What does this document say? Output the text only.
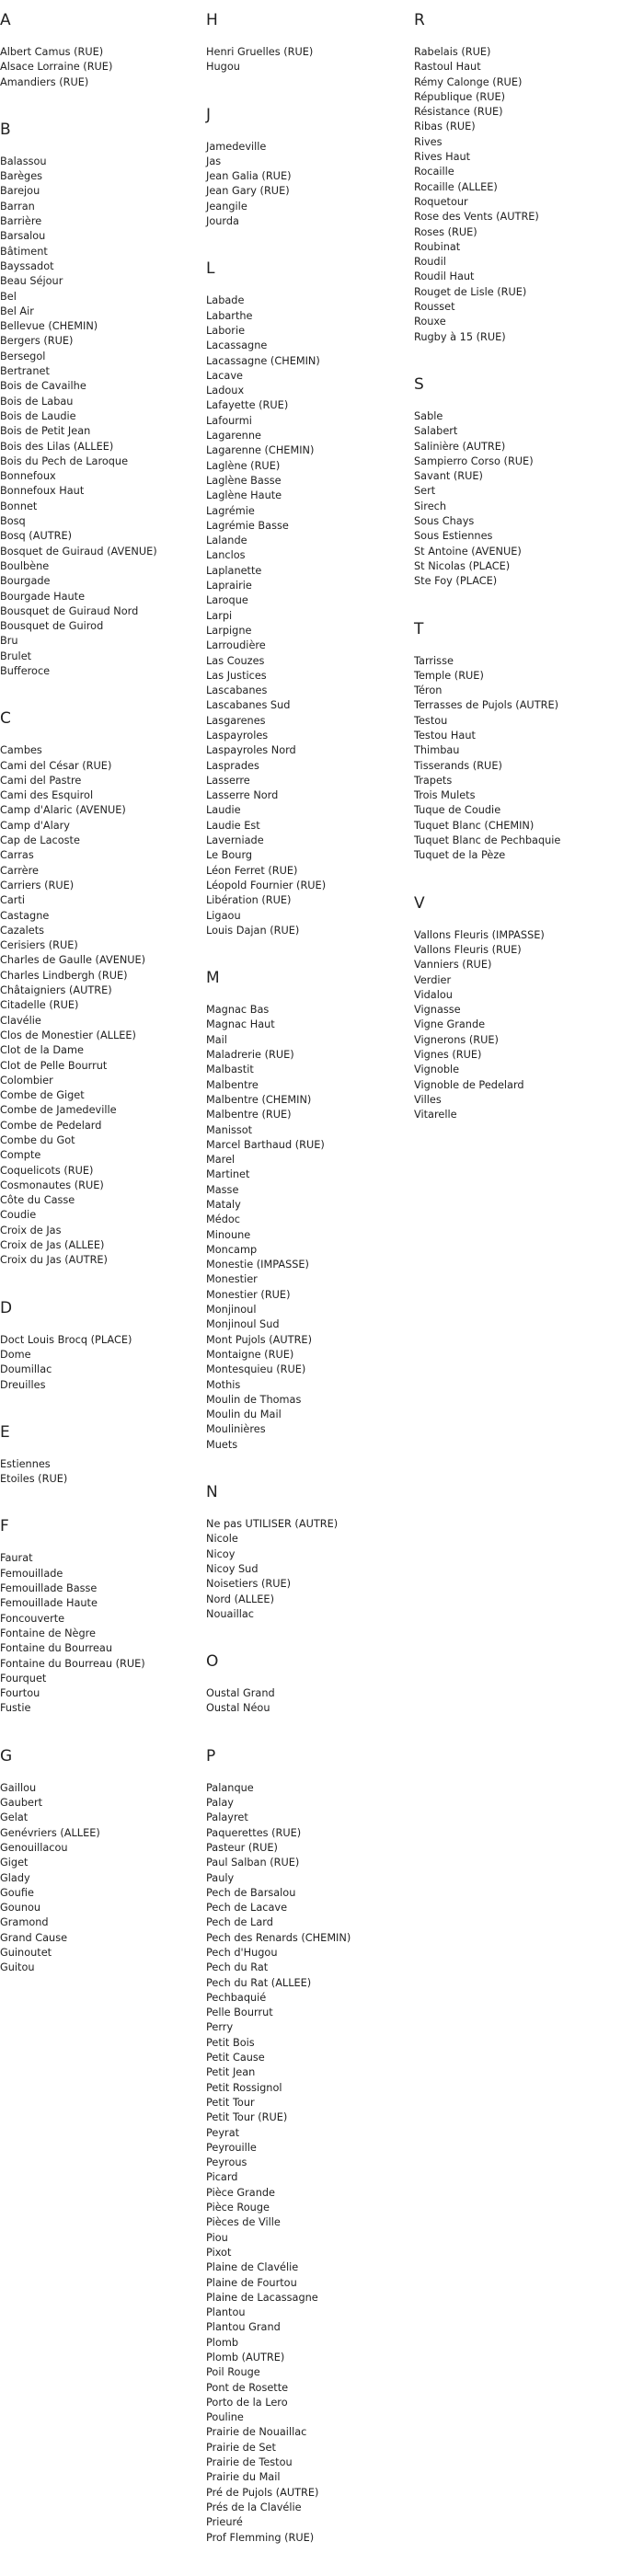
A
Albert Camus (RUE)
Alsace Lorraine (RUE)
Amandiers (RUE)
B
Balassou
Barèges
Barejou
Barran
Barrière
Barsalou
Bâtiment
Bayssadot
Beau Séjour
Bel
Bel Air
Bellevue (CHEMIN)
Bergers (RUE)
Bersegol
Bertranet
Bois de Cavailhe
Bois de Labau
Bois de Laudie
Bois de Petit Jean
Bois des Lilas (ALLEE)
Bois du Pech de Laroque
Bonnefoux
Bonnefoux Haut
Bonnet
Bosq
Bosq (AUTRE)
Bosquet de Guiraud (AVENUE)
Boulbène
Bourgade
Bourgade Haute
Bousquet de Guiraud Nord
Bousquet de Guirod
Bru
Brulet
Bufferoce
C
Cambes
Cami del César (RUE)
Cami del Pastre
Cami des Esquirol
Camp d'Alaric (AVENUE)
Camp d'Alary
Cap de Lacoste
Carras
Carrère
Carriers (RUE)
Carti
Castagne
Cazalets
Cerisiers (RUE)
Charles de Gaulle (AVENUE)
Charles Lindbergh (RUE)
Châtaigniers (AUTRE)
Citadelle (RUE)
Clavélie
Clos de Monestier (ALLEE)
Clot de la Dame
Clot de Pelle Bourrut
Colombier
Combe de Giget
Combe de Jamedeville
Combe de Pedelard
Combe du Got
Compte
Coquelicots (RUE)
Cosmonautes (RUE)
Côte du Casse
Coudie
Croix de Jas
Croix de Jas (ALLEE)
Croix du Jas (AUTRE)
D
Doct Louis Brocq (PLACE)
Dome
Doumillac
Dreuilles
E
Estiennes
Etoiles (RUE)
F
Faurat
Femouillade
Femouillade Basse
Femouillade Haute
Foncouverte
Fontaine de Nègre
Fontaine du Bourreau
Fontaine du Bourreau (RUE)
Fourquet
Fourtou
Fustie
G
Gaillou
Gaubert
Gelat
Genévriers (ALLEE)
Genouillacou
Giget
Glady
Goufie
Gounou
Gramond
Grand Cause
Guinoutet
Guitou
H
Henri Gruelles (RUE)
Hugou
J
Jamedeville
Jas
Jean Galia (RUE)
Jean Gary (RUE)
Jeangile
Jourda
L
Labade
Labarthe
Laborie
Lacassagne
Lacassagne (CHEMIN)
Lacave
Ladoux
Lafayette (RUE)
Lafourmi
Lagarenne
Lagarenne (CHEMIN)
Laglène (RUE)
Laglène Basse
Laglène Haute
Lagrémie
Lagrémie Basse
Lalande
Lanclos
Laplanette
Laprairie
Laroque
Larpi
Larpigne
Larroudière
Las Couzes
Las Justices
Lascabanes
Lascabanes Sud
Lasgarenes
Laspayroles
Laspayroles Nord
Lasprades
Lasserre
Lasserre Nord
Laudie
Laudie Est
Laverniade
Le Bourg
Léon Ferret (RUE)
Léopold Fournier (RUE)
Libération (RUE)
Ligaou
Louis Dajan (RUE)
M
Magnac Bas
Magnac Haut
Mail
Maladrerie (RUE)
Malbastit
Malbentre
Malbentre (CHEMIN)
Malbentre (RUE)
Manissot
Marcel Barthaud (RUE)
Marel
Martinet
Masse
Mataly
Médoc
Minoune
Moncamp
Monestie (IMPASSE)
Monestier
Monestier (RUE)
Monjinoul
Monjinoul Sud
Mont Pujols (AUTRE)
Montaigne (RUE)
Montesquieu (RUE)
Mothis
Moulin de Thomas
Moulin du Mail
Moulinières
Muets
N
Ne pas UTILISER (AUTRE)
Nicole
Nicoy
Nicoy Sud
Noisetiers (RUE)
Nord (ALLEE)
Nouaillac
O
Oustal Grand
Oustal Néou
P
Palanque
Palay
Palayret
Paquerettes (RUE)
Pasteur (RUE)
Paul Salban (RUE)
Pauly
Pech de Barsalou
Pech de Lacave
Pech de Lard
Pech des Renards (CHEMIN)
Pech d'Hugou
Pech du Rat
Pech du Rat (ALLEE)
Pechbaquié
Pelle Bourrut
Perry
Petit Bois
Petit Cause
Petit Jean
Petit Rossignol
Petit Tour
Petit Tour (RUE)
Peyrat
Peyrouille
Peyrous
Picard
Pièce Grande
Pièce Rouge
Pièces de Ville
Piou
Pixot
Plaine de Clavélie
Plaine de Fourtou
Plaine de Lacassagne
Plantou
Plantou Grand
Plomb
Plomb (AUTRE)
Poil Rouge
Pont de Rosette
Porto de la Lero
Pouline
Prairie de Nouaillac
Prairie de Set
Prairie de Testou
Prairie du Mail
Pré de Pujols (AUTRE)
Prés de la Clavélie
Prieuré
Prof Flemming (RUE)
R
Rabelais (RUE)
Rastoul Haut
Rémy Calonge (RUE)
République (RUE)
Résistance (RUE)
Ribas (RUE)
Rives
Rives Haut
Rocaille
Rocaille (ALLEE)
Roquetour
Rose des Vents (AUTRE)
Roses (RUE)
Roubinat
Roudil
Roudil Haut
Rouget de Lisle (RUE)
Rousset
Rouxe
Rugby à 15 (RUE)
S
Sable
Salabert
Salinière (AUTRE)
Sampierro Corso (RUE)
Savant (RUE)
Sert
Sirech
Sous Chays
Sous Estiennes
St Antoine (AVENUE)
St Nicolas (PLACE)
Ste Foy (PLACE)
T
Tarrisse
Temple (RUE)
Téron
Terrasses de Pujols (AUTRE)
Testou
Testou Haut
Thimbau
Tisserands (RUE)
Trapets
Trois Mulets
Tuque de Coudie
Tuquet Blanc (CHEMIN)
Tuquet Blanc de Pechbaquie
Tuquet de la Pèze
V
Vallons Fleuris (IMPASSE)
Vallons Fleuris (RUE)
Vanniers (RUE)
Verdier
Vidalou
Vignasse
Vigne Grande
Vignerons (RUE)
Vignes (RUE)
Vignoble
Vignoble de Pedelard
Villes
Vitarelle
